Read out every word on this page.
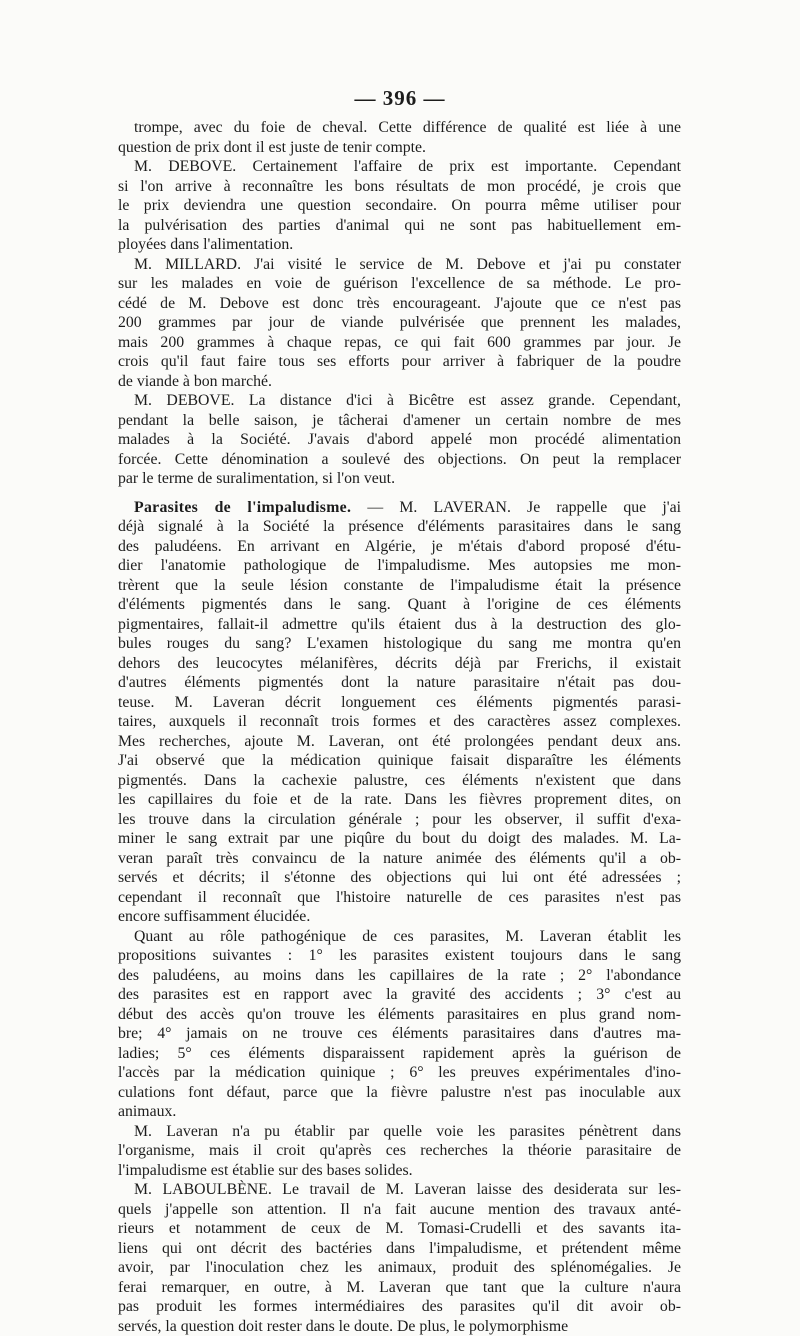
— 396 —
trompe, avec du foie de cheval. Cette différence de qualité est liée à une
question de prix dont il est juste de tenir compte.
M. DEBOVE. Certainement l'affaire de prix est importante. Cependant
si l'on arrive à reconnaître les bons résultats de mon procédé, je crois que
le prix deviendra une question secondaire. On pourra même utiliser pour
la pulvérisation des parties d'animal qui ne sont pas habituellement em-
ployées dans l'alimentation.
M. MILLARD. J'ai visité le service de M. Debove et j'ai pu constater
sur les malades en voie de guérison l'excellence de sa méthode. Le pro-
cédé de M. Debove est donc très encourageant. J'ajoute que ce n'est pas
200 grammes par jour de viande pulvérisée que prennent les malades,
mais 200 grammes à chaque repas, ce qui fait 600 grammes par jour. Je
crois qu'il faut faire tous ses efforts pour arriver à fabriquer de la poudre
de viande à bon marché.
M. DEBOVE. La distance d'ici à Bicêtre est assez grande. Cependant,
pendant la belle saison, je tâcherai d'amener un certain nombre de mes
malades à la Société. J'avais d'abord appelé mon procédé alimentation
forcée. Cette dénomination a soulevé des objections. On peut la remplacer
par le terme de suralimentation, si l'on veut.
Parasites de l'impaludisme. — M. LAVERAN. Je rappelle que j'ai
déjà signalé à la Société la présence d'éléments parasitaires dans le sang
des paludéens. En arrivant en Algérie, je m'étais d'abord proposé d'étu-
dier l'anatomie pathologique de l'impaludisme. Mes autopsies me mon-
trèrent que la seule lésion constante de l'impaludisme était la présence
d'éléments pigmentés dans le sang. Quant à l'origine de ces éléments
pigmentaires, fallait-il admettre qu'ils étaient dus à la destruction des glo-
bules rouges du sang? L'examen histologique du sang me montra qu'en
dehors des leucocytes mélanifères, décrits déjà par Frerichs, il existait
d'autres éléments pigmentés dont la nature parasitaire n'était pas dou-
teuse. M. Laveran décrit longuement ces éléments pigmentés parasi-
taires, auxquels il reconnaît trois formes et des caractères assez complexes.
Mes recherches, ajoute M. Laveran, ont été prolongées pendant deux ans.
J'ai observé que la médication quinique faisait disparaître les éléments
pigmentés. Dans la cachexie palustre, ces éléments n'existent que dans
les capillaires du foie et de la rate. Dans les fièvres proprement dites, on
les trouve dans la circulation générale ; pour les observer, il suffit d'exa-
miner le sang extrait par une piqûre du bout du doigt des malades. M. La-
veran paraît très convaincu de la nature animée des éléments qu'il a ob-
servés et décrits; il s'étonne des objections qui lui ont été adressées ;
cependant il reconnaît que l'histoire naturelle de ces parasites n'est pas
encore suffisamment élucidée.
Quant au rôle pathogénique de ces parasites, M. Laveran établit les
propositions suivantes : 1° les parasites existent toujours dans le sang
des paludéens, au moins dans les capillaires de la rate ; 2° l'abondance
des parasites est en rapport avec la gravité des accidents ; 3° c'est au
début des accès qu'on trouve les éléments parasitaires en plus grand nom-
bre; 4° jamais on ne trouve ces éléments parasitaires dans d'autres ma-
ladies; 5° ces éléments disparaissent rapidement après la guérison de
l'accès par la médication quinique ; 6° les preuves expérimentales d'ino-
culations font défaut, parce que la fièvre palustre n'est pas inoculable aux
animaux.
M. Laveran n'a pu établir par quelle voie les parasites pénètrent dans
l'organisme, mais il croit qu'après ces recherches la théorie parasitaire de
l'impaludisme est établie sur des bases solides.
M. LABOULBÈNE. Le travail de M. Laveran laisse des desiderata sur les-
quels j'appelle son attention. Il n'a fait aucune mention des travaux anté-
rieurs et notamment de ceux de M. Tomasi-Crudelli et des savants ita-
liens qui ont décrit des bactéries dans l'impaludisme, et prétendent même
avoir, par l'inoculation chez les animaux, produit des splénomégalies. Je
ferai remarquer, en outre, à M. Laveran que tant que la culture n'aura
pas produit les formes intermédiaires des parasites qu'il dit avoir ob-
servés, la question doit rester dans le doute. De plus, le polymorphisme
